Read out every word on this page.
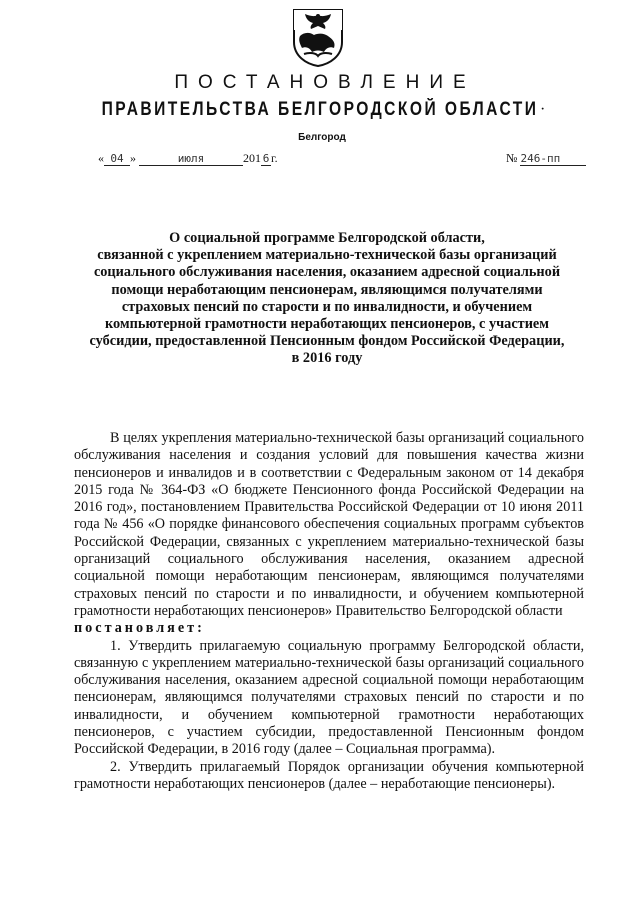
ПОСТАНОВЛЕНИЕ
ПРАВИТЕЛЬСТВА БЕЛГОРОДСКОЙ ОБЛАСТИ ·
Белгород
« 04 »	июля	201 6 г.	№ 246-пп
О социальной программе Белгородской области,
связанной с укреплением материально-технической базы организаций
социального обслуживания населения, оказанием адресной социальной
помощи неработающим пенсионерам, являющимся получателями
страховых пенсий по старости и по инвалидности, и обучением
компьютерной грамотности неработающих пенсионеров, с участием
субсидии, предоставленной Пенсионным фондом Российской Федерации,
в 2016 году

В целях укрепления материально-технической базы организаций социального обслуживания населения и создания условий для повышения качества жизни пенсионеров и инвалидов и в соответствии с Федеральным законом от 14 декабря 2015 года № 364-ФЗ «О бюджете Пенсионного фонда Российской Федерации на 2016 год», постановлением Правительства Российской Федерации от 10 июня 2011 года № 456 «О порядке финансового обеспечения социальных программ субъектов Российской Федерации, связанных с укреплением материально-технической базы организаций социального обслуживания населения, оказанием адресной социальной помощи неработающим пенсионерам, являющимся получателями страховых пенсий по старости и по инвалидности, и обучением компьютерной грамотности неработающих пенсионеров» Правительство Белгородской области

постановляет:

1. Утвердить прилагаемую социальную программу Белгородской области, связанную с укреплением материально-технической базы организаций социального обслуживания населения, оказанием адресной социальной помощи неработающим пенсионерам, являющимся получателями страховых пенсий по старости и по инвалидности, и обучением компьютерной грамотности неработающих пенсионеров, с участием субсидии, предоставленной Пенсионным фондом Российской Федерации, в 2016 году (далее – Социальная программа).

2. Утвердить прилагаемый Порядок организации обучения компьютерной грамотности неработающих пенсионеров (далее – неработающие пенсионеры).
